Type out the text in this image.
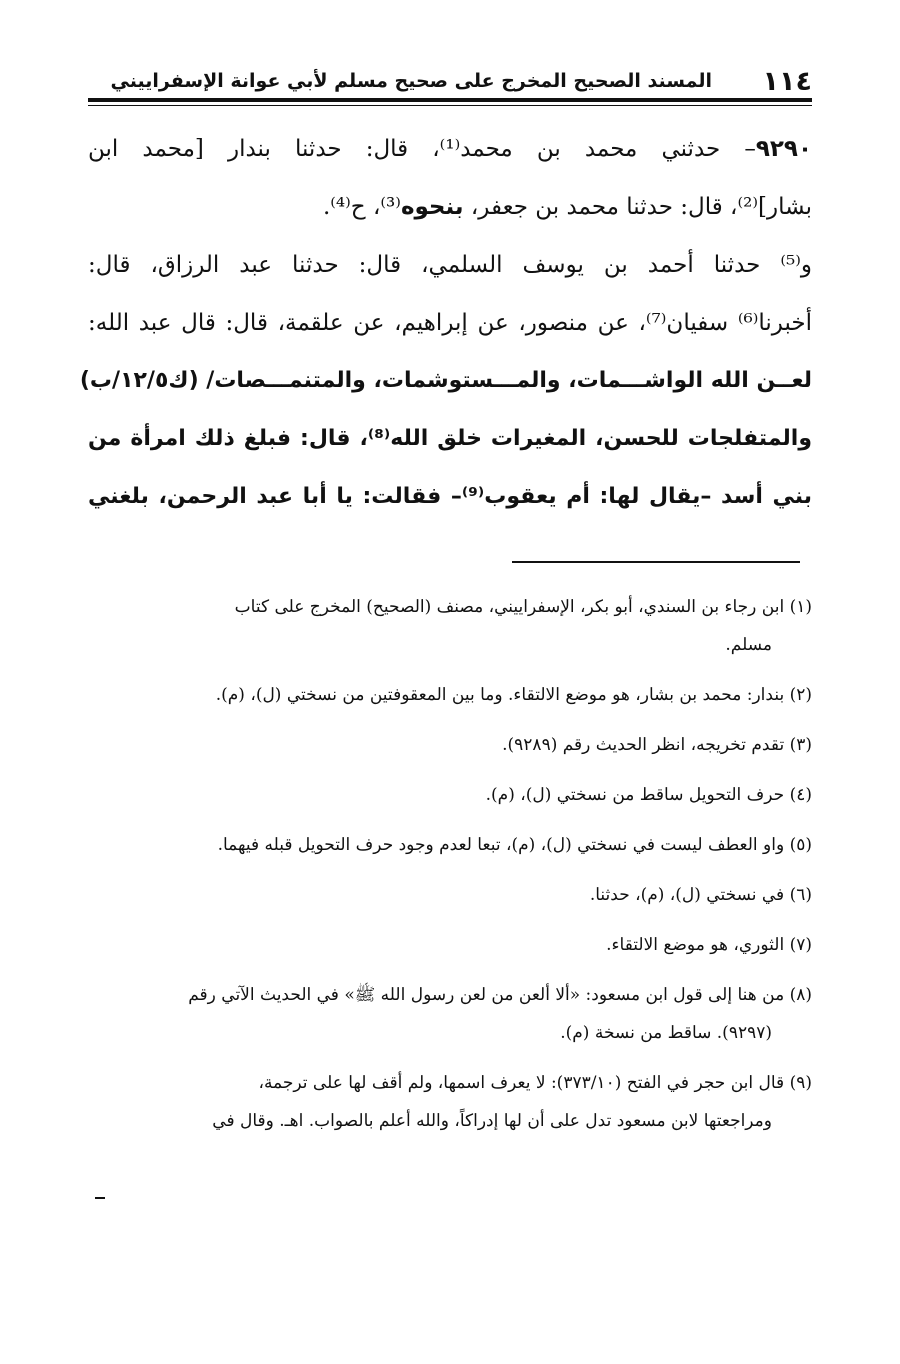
١١٤
المسند الصحيح المخرج على صحيح مسلم لأبي عوانة الإسفراييني
٩٢٩٠– حدثني محمد بن محمد⁽¹⁾، قال: حدثنا بندار [محمد ابن
بشار]⁽²⁾، قال: حدثنا محمد بن جعفر، بنحوه⁽³⁾، ح⁽⁴⁾.
و⁽⁵⁾ حدثنا أحمد بن يوسف السلمي، قال: حدثنا عبد الرزاق، قال:
أخبرنا⁽⁶⁾ سفيان⁽⁷⁾، عن منصور، عن إبراهيم، عن علقمة، قال: قال عبد الله:
لعــن الله الواشـــمات، والمـــستوشمات، والمتنمـــصات/ (ك١٢/٥/ب)
والمتفلجات للحسن، المغيرات خلق الله⁽⁸⁾، قال: فبلغ ذلك امرأة من
بني أسد –يقال لها: أم يعقوب⁽⁹⁾– فقالت: يا أبا عبد الرحمن، بلغني
(١) ابن رجاء بن السندي، أبو بكر، الإسفراييني، مصنف (الصحيح) المخرج على كتاب
مسلم.
(٢) بندار: محمد بن بشار، هو موضع الالتقاء. وما بين المعقوفتين من نسختي (ل)، (م).
(٣) تقدم تخريجه، انظر الحديث رقم (٩٢٨٩).
(٤) حرف التحويل ساقط من نسختي (ل)، (م).
(٥) واو العطف ليست في نسختي (ل)، (م)، تبعا لعدم وجود حرف التحويل قبله فيهما.
(٦) في نسختي (ل)، (م)، حدثنا.
(٧) الثوري، هو موضع الالتقاء.
(٨) من هنا إلى قول ابن مسعود: «ألا ألعن من لعن رسول الله ﷺ» في الحديث الآتي رقم
(٩٢٩٧). ساقط من نسخة (م).
(٩) قال ابن حجر في الفتح (٣٧٣/١٠): لا يعرف اسمها، ولم أقف لها على ترجمة،
ومراجعتها لابن مسعود تدل على أن لها إدراكاً، والله أعلم بالصواب. اهـ. وقال في
